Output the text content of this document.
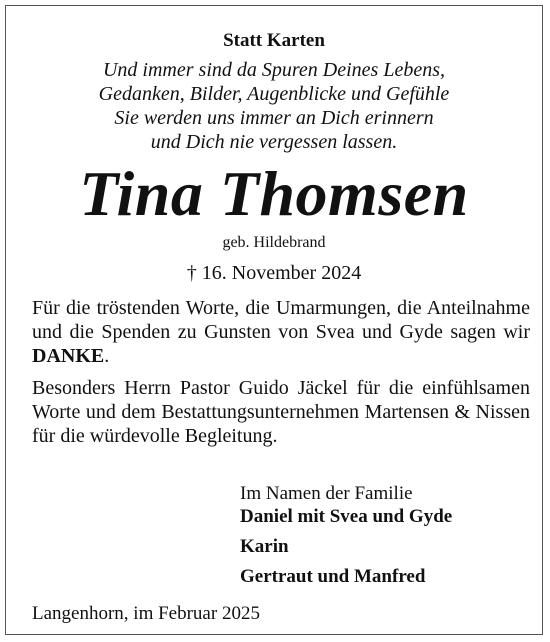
Statt Karten
Und immer sind da Spuren Deines Lebens,
Gedanken, Bilder, Augenblicke und Gefühle
Sie werden uns immer an Dich erinnern
und Dich nie vergessen lassen.
Tina Thomsen
geb. Hildebrand
† 16. November 2024
Für die tröstenden Worte, die Umarmungen, die Anteilnahme und die Spenden zu Gunsten von Svea und Gyde sagen wir DANKE.
Besonders Herrn Pastor Guido Jäckel für die einfühlsamen Worte und dem Bestattungsunternehmen Martensen & Nissen für die würdevolle Begleitung.
Im Namen der Familie
Daniel mit Svea und Gyde
Karin
Gertraut und Manfred
Langenhorn, im Februar 2025
